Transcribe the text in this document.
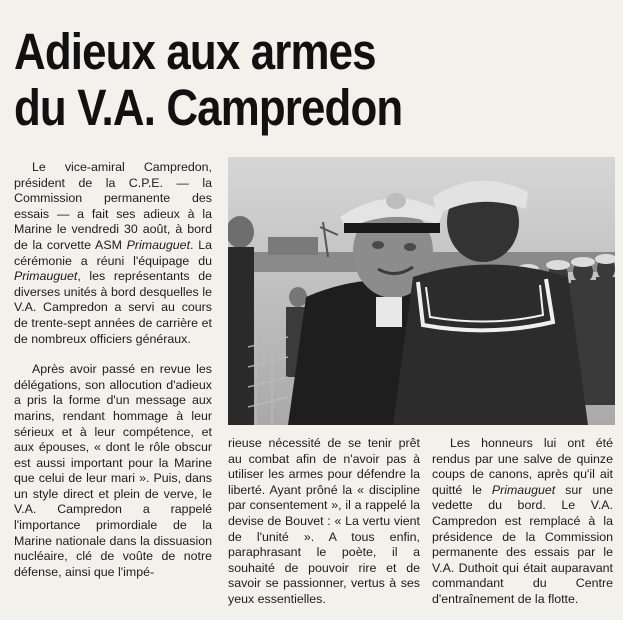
Adieux aux armes
du V.A. Campredon

Le vice-amiral Campredon, président de la C.P.E. — la Commission permanente des essais — a fait ses adieux à la Marine le vendredi 30 août, à bord de la corvette ASM Primauguet. La cérémonie a réuni l'équipage du Primauguet, les représentants de diverses unités à bord desquelles le V.A. Campredon a servi au cours de trente-sept années de carrière et de nombreux officiers généraux.

Après avoir passé en revue les délégations, son allocution d'adieux a pris la forme d'un message aux marins, rendant hommage à leur sérieux et à leur compétence, et aux épouses, « dont le rôle obscur est aussi important pour la Marine que celui de leur mari ». Puis, dans un style direct et plein de verve, le V.A. Campredon a rappelé l'importance primordiale de la Marine nationale dans la dissuasion nucléaire, clé de voûte de notre défense, ainsi que l'impé-

rieuse nécessité de se tenir prêt au combat afin de n'avoir pas à utiliser les armes pour défendre la liberté. Ayant prôné la « discipline par consentement », il a rappelé la devise de Bouvet : « La vertu vient de l'unité ». A tous enfin, paraphrasant le poète, il a souhaité de pouvoir rire et de savoir se passionner, vertus à ses yeux essentielles.

Les honneurs lui ont été rendus par une salve de quinze coups de canons, après qu'il ait quitté le Primauguet sur une vedette du bord. Le V.A. Campredon est remplacé à la présidence de la Commission permanente des essais par le V.A. Duthoit qui était auparavant commandant du Centre d'entraînement de la flotte.
